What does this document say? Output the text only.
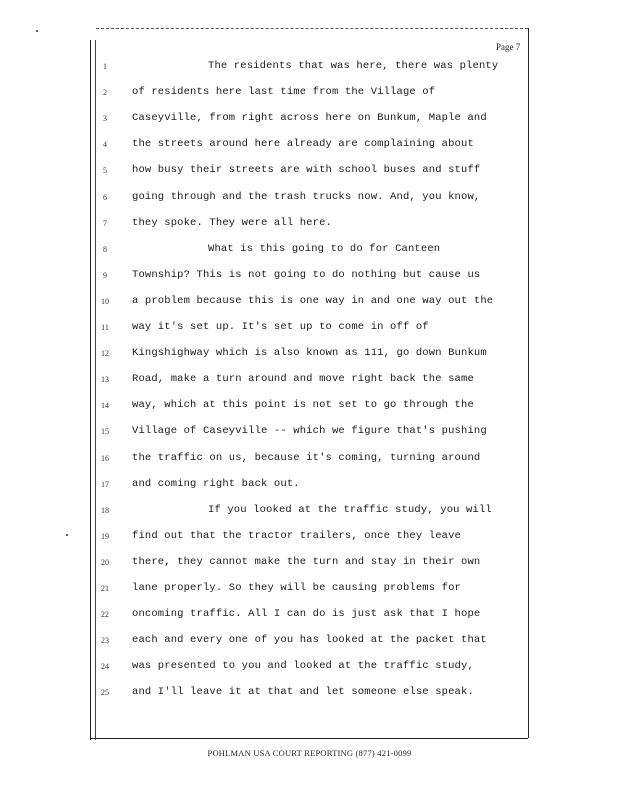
Page 7
1	The residents that was here, there was plenty
2	of residents here last time from the Village of
3	Caseyville, from right across here on Bunkum, Maple and
4	the streets around here already are complaining about
5	how busy their streets are with school buses and stuff
6	going through and the trash trucks now. And, you know,
7	they spoke. They were all here.
8	What is this going to do for Canteen
9	Township? This is not going to do nothing but cause us
10	a problem because this is one way in and one way out the
11	way it's set up. It's set up to come in off of
12	Kingshighway which is also known as 111, go down Bunkum
13	Road, make a turn around and move right back the same
14	way, which at this point is not set to go through the
15	Village of Caseyville -- which we figure that's pushing
16	the traffic on us, because it's coming, turning around
17	and coming right back out.
18	If you looked at the traffic study, you will
19	find out that the tractor trailers, once they leave
20	there, they cannot make the turn and stay in their own
21	lane properly. So they will be causing problems for
22	oncoming traffic. All I can do is just ask that I hope
23	each and every one of you has looked at the packet that
24	was presented to you and looked at the traffic study,
25	and I'll leave it at that and let someone else speak.
POHLMAN USA COURT REPORTING (877) 421-0099
